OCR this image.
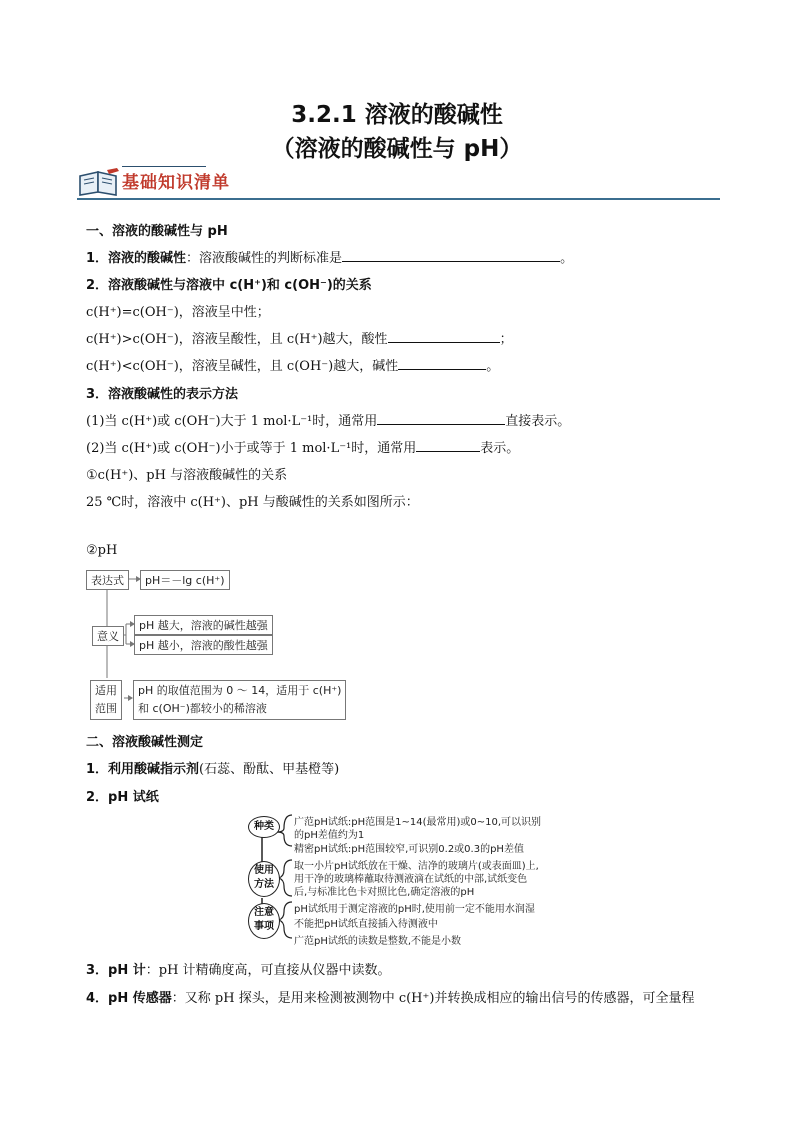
3.2.1 溶液的酸碱性
（溶液的酸碱性与 pH）
基础知识清单
一、溶液的酸碱性与 pH
1．溶液的酸碱性：溶液酸碱性的判断标准是	。
2．溶液酸碱性与溶液中 c(H⁺)和 c(OH⁻)的关系
c(H⁺)=c(OH⁻)，溶液呈中性；
c(H⁺)>c(OH⁻)，溶液呈酸性，且 c(H⁺)越大，酸性	；
c(H⁺)<c(OH⁻)，溶液呈碱性，且 c(OH⁻)越大，碱性	。
3．溶液酸碱性的表示方法
(1)当 c(H⁺)或 c(OH⁻)大于 1 mol·L⁻¹时，通常用	直接表示。
(2)当 c(H⁺)或 c(OH⁻)小于或等于 1 mol·L⁻¹时，通常用	表示。
①c(H⁺)、pH 与溶液酸碱性的关系
25 ℃时，溶液中 c(H⁺)、pH 与酸碱性的关系如图所示：
②pH
表达式	pH＝－lg c(H⁺)
意义
pH 越大，溶液的碱性越强
pH 越小，溶液的酸性越强
适用
范围
pH 的取值范围为 0 ～ 14，适用于 c(H⁺)
和 c(OH⁻)都较小的稀溶液
二、溶液酸碱性测定
1．利用酸碱指示剂(石蕊、酚酞、甲基橙等)
2．pH 试纸
种类
使用
方法
注意
事项
广范pH试纸:pH范围是1~14(最常用)或0~10,可以识别
的pH差值约为1
精密pH试纸:pH范围较窄,可识别0.2或0.3的pH差值
取一小片pH试纸放在干燥、洁净的玻璃片(或表面皿)上,
用干净的玻璃棒蘸取待测液滴在试纸的中部,试纸变色
后,与标准比色卡对照比色,确定溶液的pH
pH试纸用于测定溶液的pH时,使用前一定不能用水润湿
不能把pH试纸直接插入待测液中
广范pH试纸的读数是整数,不能是小数
3．pH 计：pH 计精确度高，可直接从仪器中读数。
4．pH 传感器：又称 pH 探头，是用来检测被测物中 c(H⁺)并转换成相应的输出信号的传感器，可全量程
